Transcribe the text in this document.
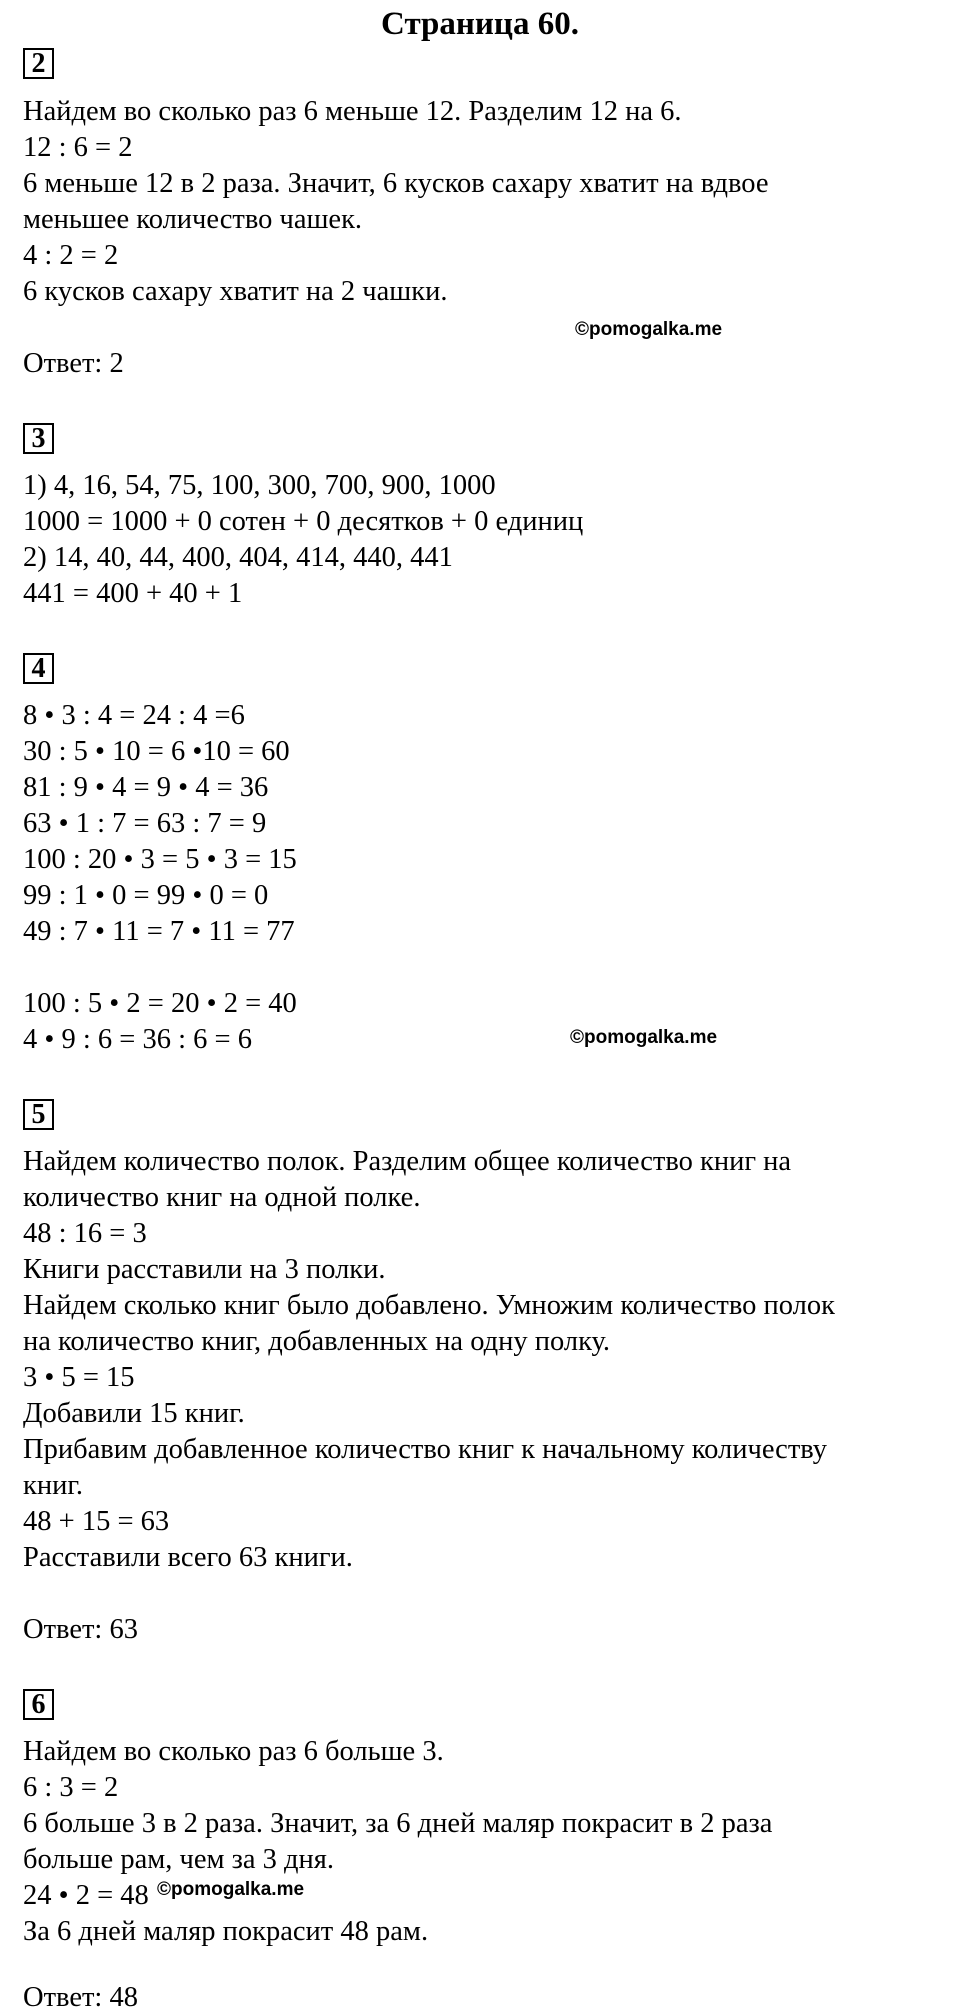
Страница 60.
2
Найдем во сколько раз 6 меньше 12. Разделим 12 на 6.
12 : 6 = 2
6 меньше 12 в 2 раза. Значит, 6 кусков сахару хватит на вдвое
меньшее количество чашек.
4 : 2 = 2
6 кусков сахару хватит на 2 чашки.
©pomogalka.me
Ответ: 2
3
1) 4, 16, 54, 75, 100, 300, 700, 900, 1000
1000 = 1000 + 0 сотен + 0 десятков + 0 единиц
2) 14, 40, 44, 400, 404, 414, 440, 441
441 = 400 + 40 + 1
4
8 • 3 : 4 = 24 : 4 =6
30 : 5 • 10 = 6 •10 = 60
81 : 9 • 4 = 9 • 4 = 36
63 • 1 : 7 = 63 : 7 = 9
100 : 20 • 3 = 5 • 3 = 15
99 : 1 • 0 = 99 • 0 = 0
49 : 7 • 11 = 7 • 11 = 77
100 : 5 • 2 = 20 • 2 = 40
4 • 9 : 6 = 36 : 6 = 6	©pomogalka.me
5
Найдем количество полок. Разделим общее количество книг на
количество книг на одной полке.
48 : 16 = 3
Книги расставили на 3 полки.
Найдем сколько книг было добавлено. Умножим количество полок
на количество книг, добавленных на одну полку.
3 • 5 = 15
Добавили 15 книг.
Прибавим добавленное количество книг к начальному количеству
книг.
48 + 15 = 63
Расставили всего 63 книги.
Ответ: 63
6
Найдем во сколько раз 6 больше 3.
6 : 3 = 2
6 больше 3 в 2 раза. Значит, за 6 дней маляр покрасит в 2 раза
больше рам, чем за 3 дня.
24 • 2 = 48 ©pomogalka.me
За 6 дней маляр покрасит 48 рам.
Ответ: 48
